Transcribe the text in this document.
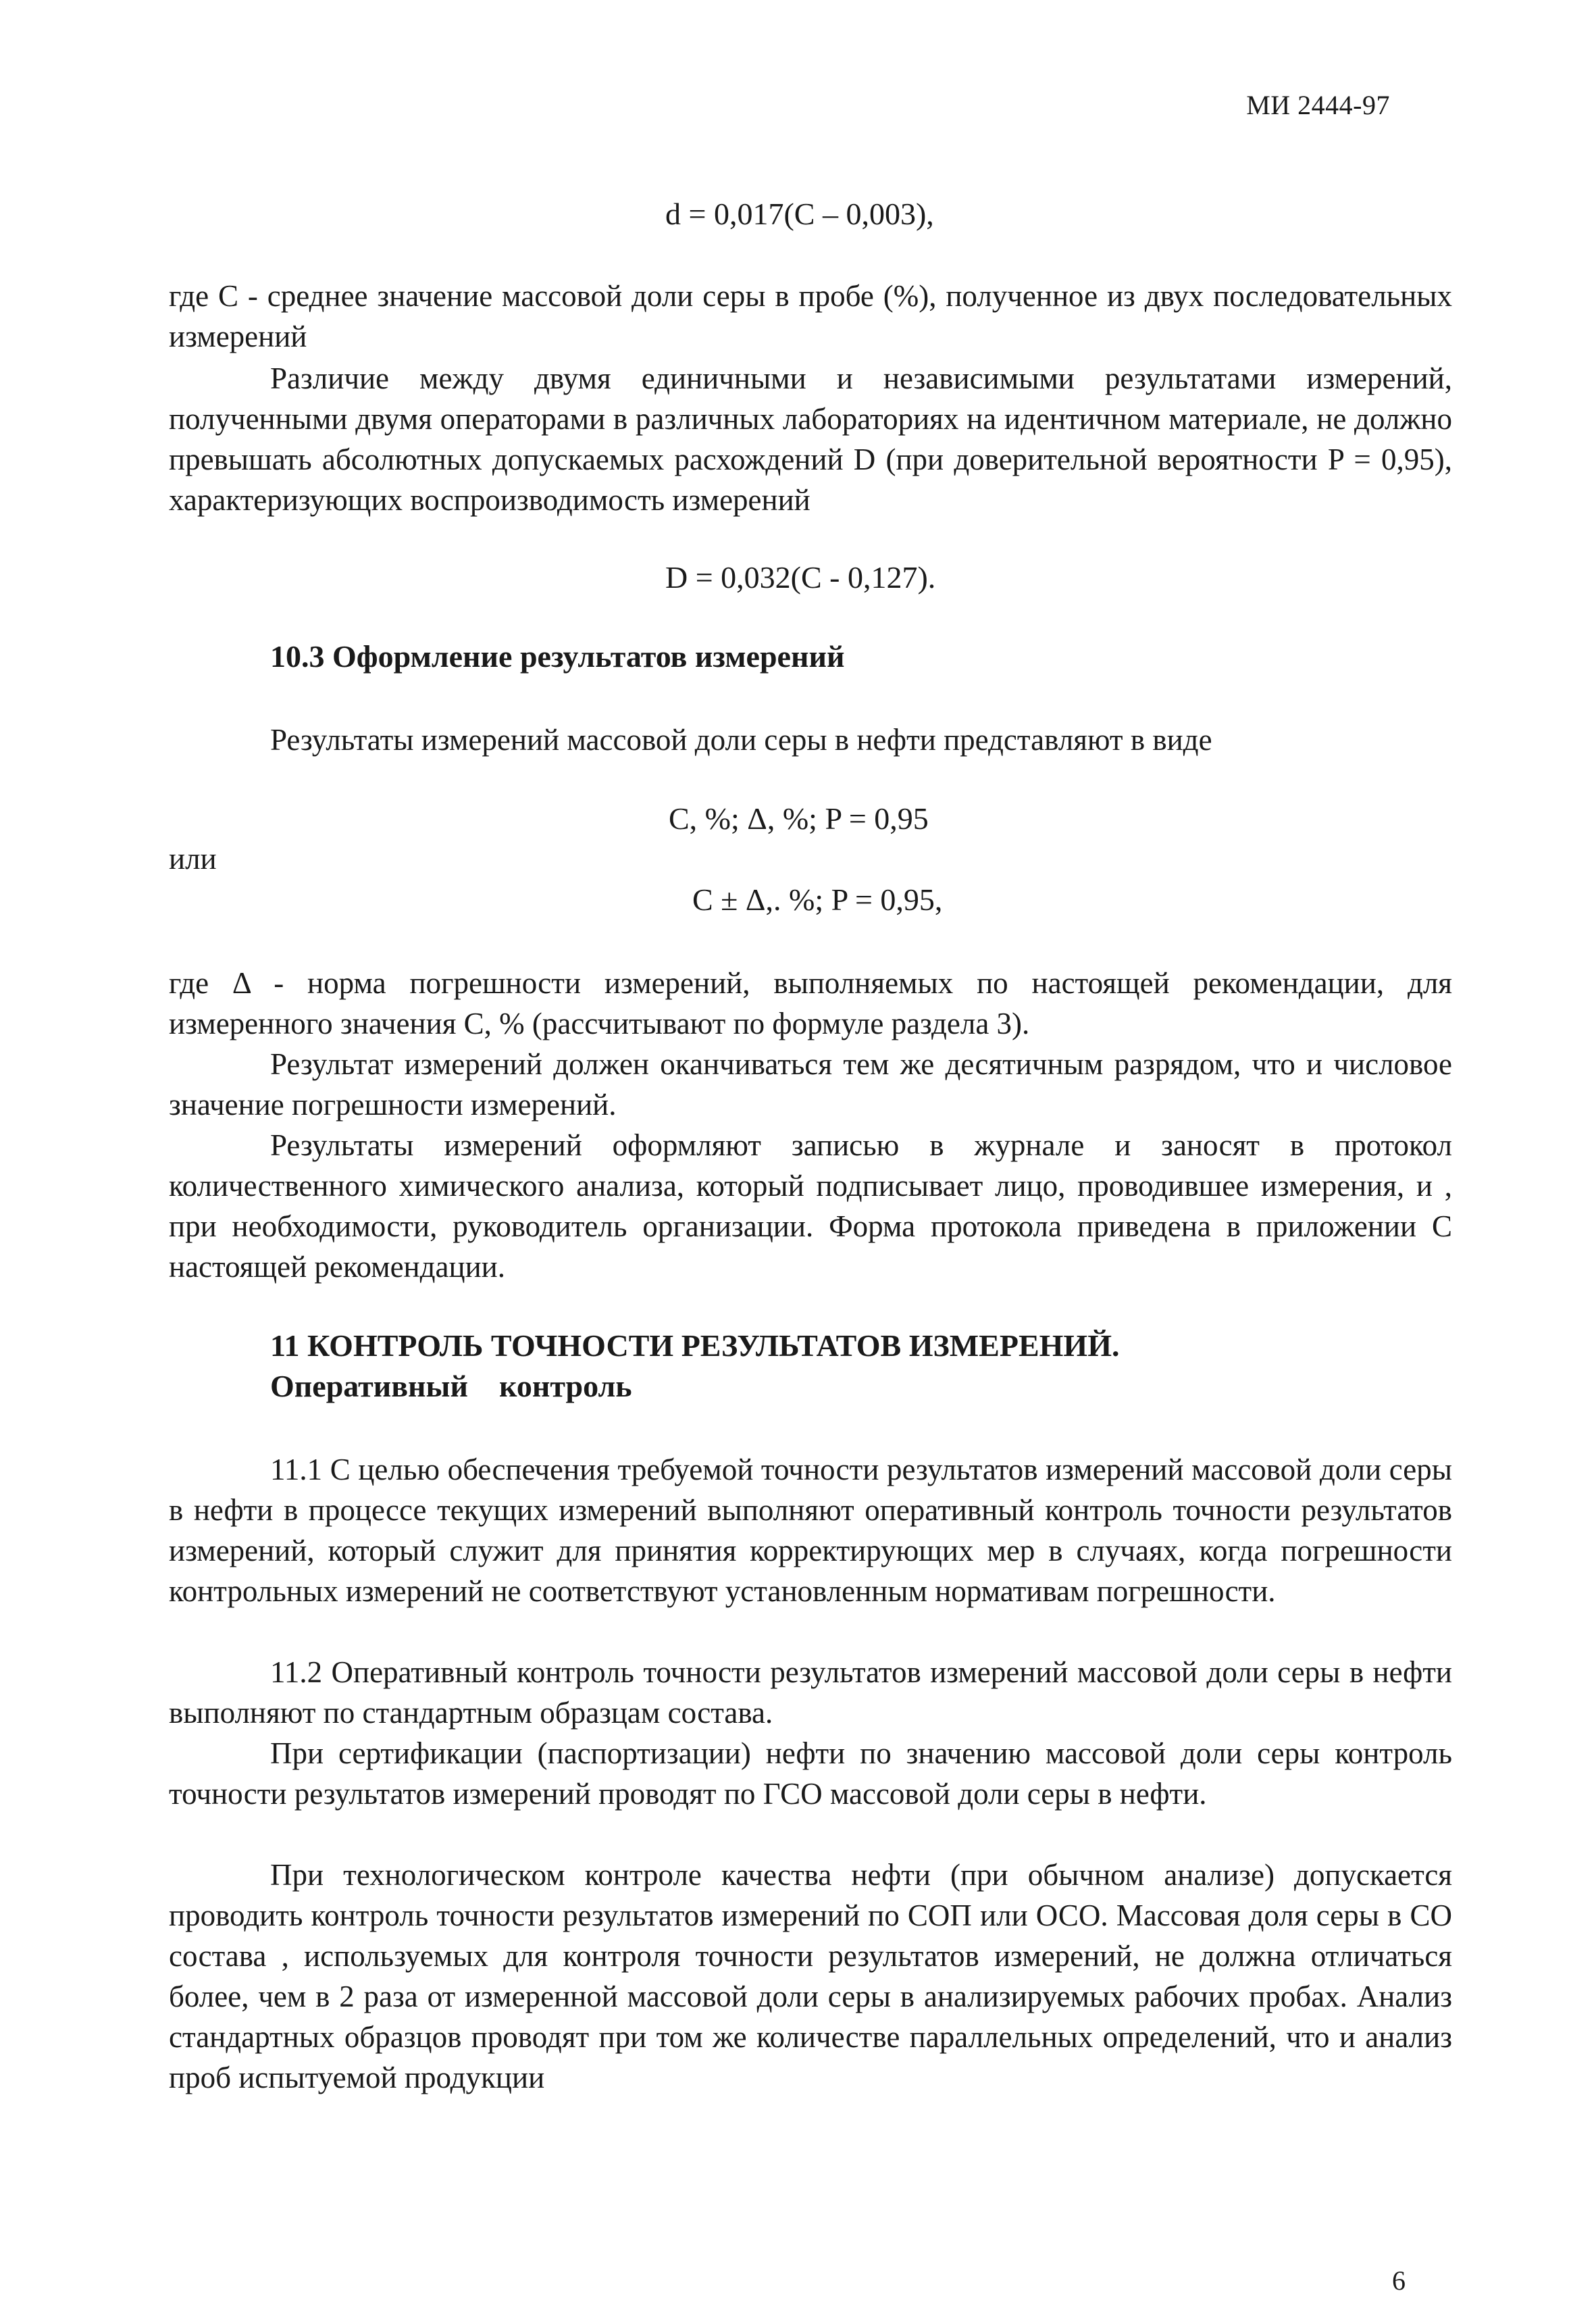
МИ 2444-97
d = 0,017(C – 0,003),

где C - среднее значение массовой доли серы в пробе (%), полученное из двух последовательных измерений

Различие между двумя единичными и независимыми результатами измерений, полученными двумя операторами в различных лабораториях на идентичном материале, не должно превышать абсолютных допускаемых расхождений D (при доверительной вероятности P = 0,95), характеризующих воспроизводимость измерений

D = 0,032(C - 0,127).
10.3 Оформление результатов измерений

Результаты измерений массовой доли серы в нефти представляют в виде

C, %; Δ, %; P = 0,95
или
C ± Δ,. %; P = 0,95,

где Δ - норма погрешности измерений, выполняемых по настоящей рекомендации, для измеренного значения C, % (рассчитывают по формуле раздела 3).

Результат измерений должен оканчиваться тем же десятичным разрядом, что и числовое значение погрешности измерений.

Результаты измерений оформляют записью в журнале и заносят в протокол количественного химического анализа, который подписывает лицо, проводившее измерения, и , при необходимости, руководитель организации. Форма протокола приведена в приложении С настоящей рекомендации.

11 КОНТРОЛЬ ТОЧНОСТИ РЕЗУЛЬТАТОВ ИЗМЕРЕНИЙ.
Оперативный    контроль

11.1 С целью обеспечения требуемой точности результатов измерений массовой доли серы в нефти в процессе текущих измерений выполняют оперативный контроль точности результатов измерений, который служит для принятия корректирующих мер в случаях, когда погрешности контрольных измерений не соответствуют установленным нормативам погрешности.

11.2 Оперативный контроль точности результатов измерений массовой доли серы в нефти выполняют по стандартным образцам состава.

При сертификации (паспортизации) нефти по значению массовой доли серы контроль точности результатов измерений проводят по ГСО массовой доли серы в нефти.

При технологическом контроле качества нефти (при обычном анализе) допускается проводить контроль точности результатов измерений по СОП или ОСО. Массовая доля серы в СО состава , используемых для контроля точности результатов измерений, не должна отличаться более, чем в 2 раза от измеренной массовой доли серы в анализируемых рабочих пробах. Анализ стандартных образцов проводят при том же количестве параллельных определений, что и анализ проб испытуемой продукции

6
